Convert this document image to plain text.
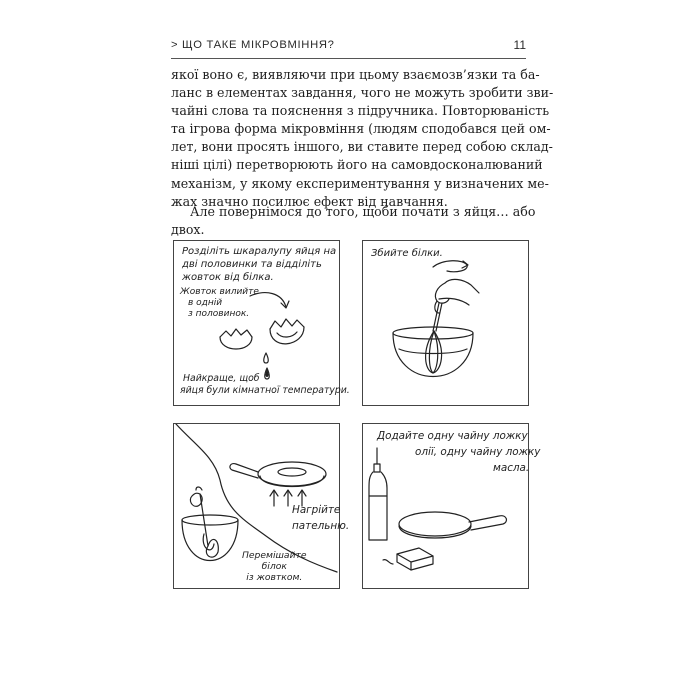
> ЩО ТАКЕ МІКРОВМІННЯ?	11
якої воно є, виявляючи при цьому взаємозв’язки та ба-
ланс в елементах завдання, чого не можуть зробити зви-
чайні слова та пояснення з підручника. Повторюваність
та ігрова форма мікровміння (людям сподобався цей ом-
лет, вони просять іншого, ви ставите перед собою склад-
ніші цілі) перетворюють його на самовдосконалюваний
механізм, у якому експериментування у визначених ме-
жах значно посилює ефект від навчання.
Але повернімося до того, щоби почати з яйця… або
двох.
Розділіть шкаралупу яйця на
дві половинки та відділіть
жовток від білка.
Жовток вилийте
в одній
з половинок.
Найкраще, щоб
яйця були кімнатної температури.
Збийте білки.
Нагрійте
пательню.
Перемішайте
білок
із жовтком.
Додайте одну чайну ложку
олії, одну чайну ложку
масла.
